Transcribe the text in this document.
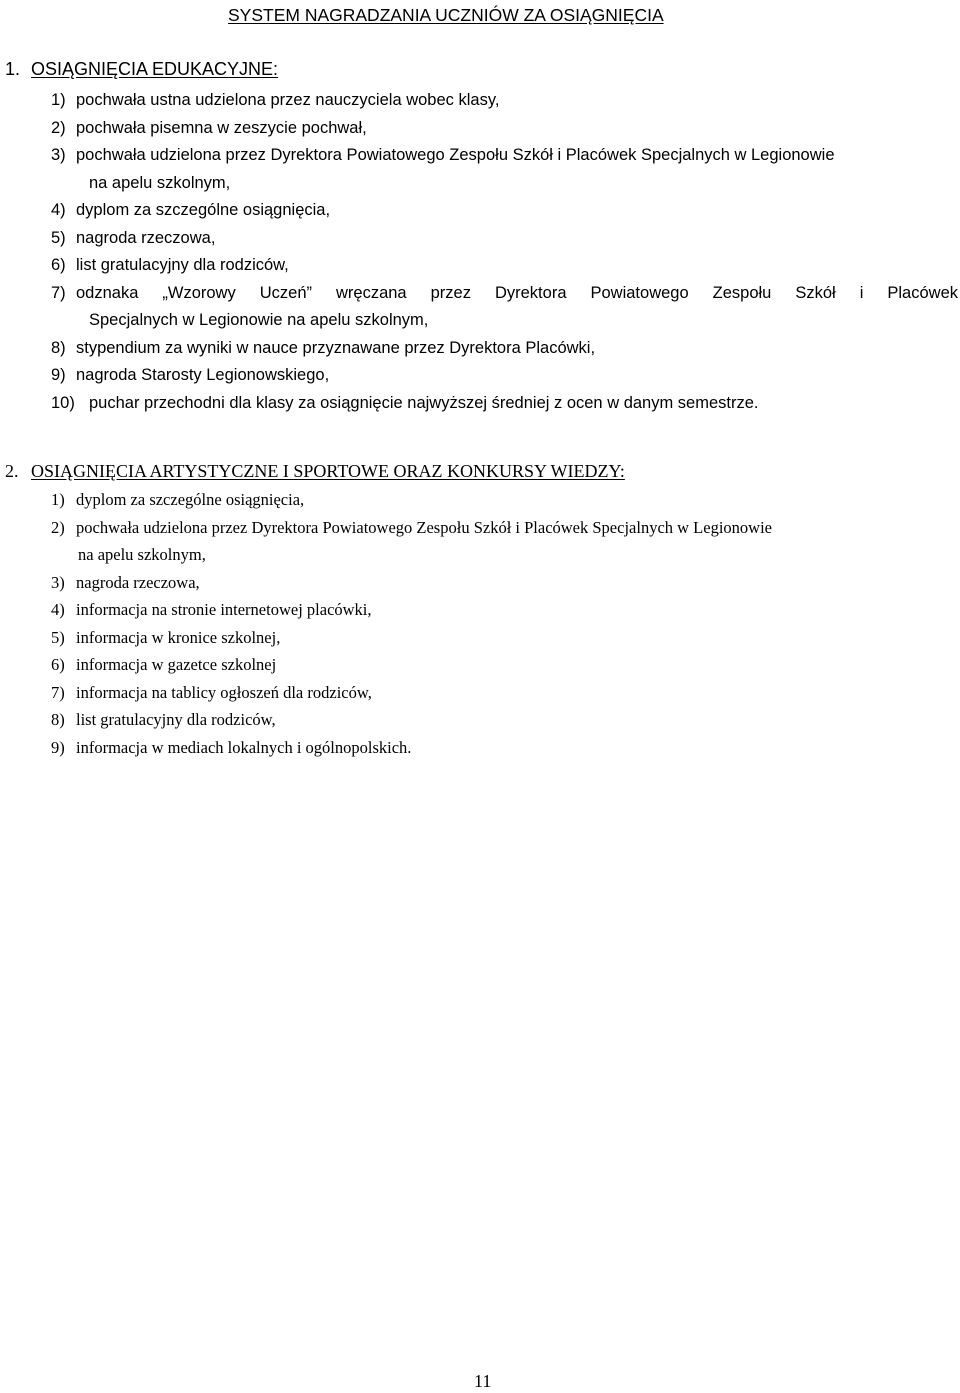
SYSTEM NAGRADZANIA UCZNIÓW ZA OSIĄGNIĘCIA
1. OSIĄGNIĘCIA EDUKACYJNE:
1) pochwała ustna udzielona przez nauczyciela wobec klasy,
2) pochwała pisemna w zeszycie pochwał,
3) pochwała udzielona przez Dyrektora Powiatowego Zespołu Szkół i Placówek Specjalnych w Legionowie
na apelu szkolnym,
4) dyplom za szczególne osiągnięcia,
5) nagroda rzeczowa,
6) list gratulacyjny dla rodziców,
7) odznaka „Wzorowy Uczeń” wręczana przez Dyrektora Powiatowego Zespołu Szkół i Placówek
Specjalnych w Legionowie na apelu szkolnym,
8) stypendium za wyniki w nauce przyznawane przez Dyrektora Placówki,
9) nagroda Starosty Legionowskiego,
10) puchar przechodni dla klasy za osiągnięcie najwyższej średniej z ocen w danym semestrze.
2. OSIĄGNIĘCIA ARTYSTYCZNE I SPORTOWE ORAZ KONKURSY WIEDZY:
1) dyplom za szczególne osiągnięcia,
2) pochwała udzielona przez Dyrektora Powiatowego Zespołu Szkół i Placówek Specjalnych w Legionowie
na apelu szkolnym,
3) nagroda rzeczowa,
4) informacja na stronie internetowej placówki,
5) informacja w kronice szkolnej,
6) informacja w gazetce szkolnej
7) informacja na tablicy ogłoszeń dla rodziców,
8) list gratulacyjny dla rodziców,
9) informacja w mediach lokalnych i ogólnopolskich.
11
